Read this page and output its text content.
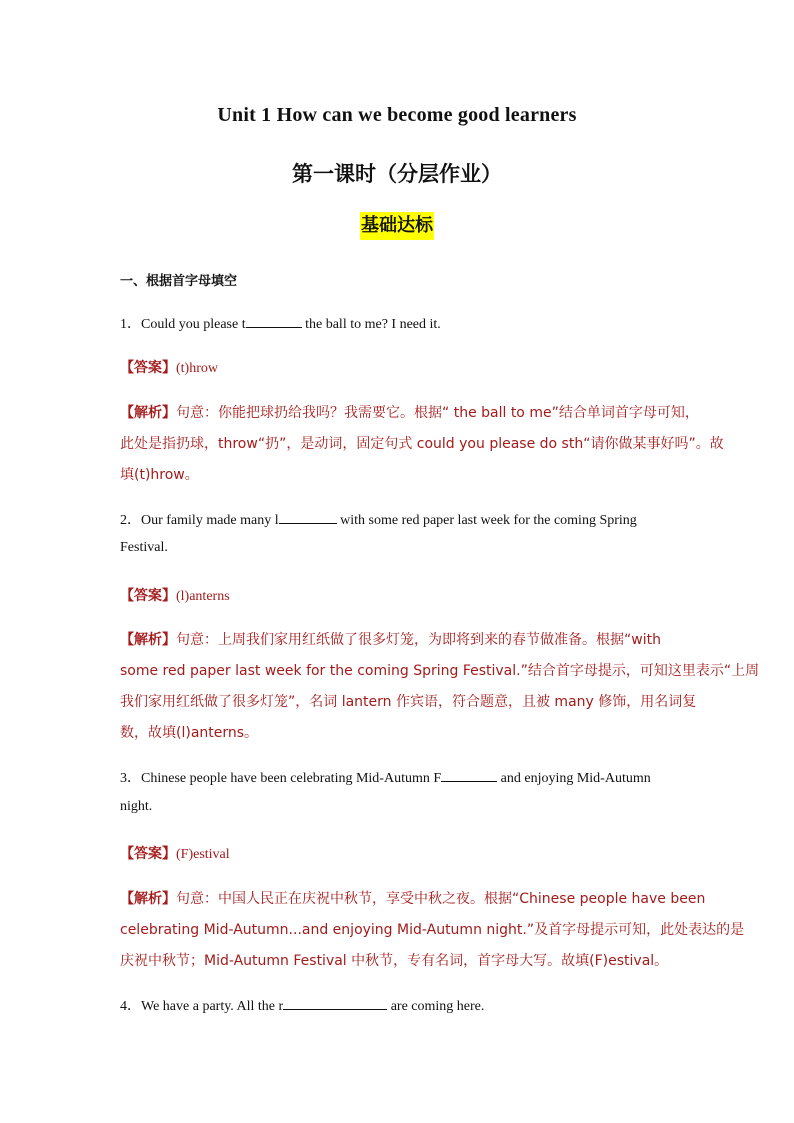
Unit 1 How can we become good learners
第一课时（分层作业）
基础达标
一、根据首字母填空
1．Could you please t	the ball to me? I need it.
【答案】(t)hrow
【解析】句意：你能把球扔给我吗？我需要它。根据“ the ball to me”结合单词首字母可知，
此处是指扔球，throw“扔”，是动词，固定句式 could you please do sth“请你做某事好吗”。故
填(t)hrow。
2．Our family made many l	with some red paper last week for the coming Spring
Festival.
【答案】(l)anterns
【解析】句意：上周我们家用红纸做了很多灯笼，为即将到来的春节做准备。根据“with
some red paper last week for the coming Spring Festival.”结合首字母提示，可知这里表示“上周
我们家用红纸做了很多灯笼”，名词 lantern 作宾语，符合题意，且被 many 修饰，用名词复
数，故填(l)anterns。
3．Chinese people have been celebrating Mid-Autumn F	and enjoying Mid-Autumn
night.
【答案】(F)estival
【解析】句意：中国人民正在庆祝中秋节，享受中秋之夜。根据“Chinese people have been
celebrating Mid-Autumn...and enjoying Mid-Autumn night.”及首字母提示可知，此处表达的是
庆祝中秋节；Mid-Autumn Festival 中秋节，专有名词，首字母大写。故填(F)estival。
4．We have a party. All the r	are coming here.
